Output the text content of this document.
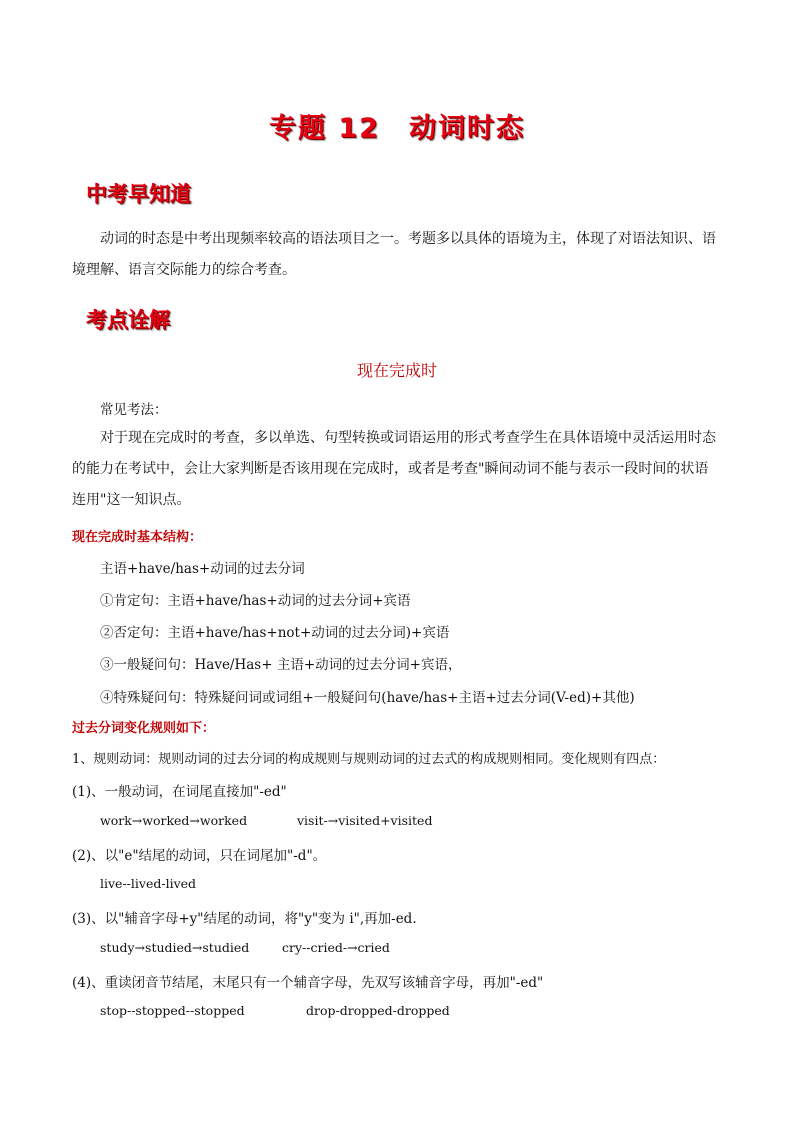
专题 12　动词时态
中考早知道
动词的时态是中考出现频率较高的语法项目之一。考题多以具体的语境为主，体现了对语法知识、语境理解、语言交际能力的综合考查。
考点诠解
现在完成时
常见考法：
对于现在完成时的考查，多以单选、句型转换或词语运用的形式考查学生在具体语境中灵活运用时态的能力在考试中，会让大家判断是否该用现在完成时，或者是考查"瞬间动词不能与表示一段时间的状语连用"这一知识点。
现在完成时基本结构：
主语+have/has+动词的过去分词
①肯定句：主语+have/has+动词的过去分词+宾语
②否定句：主语+have/has+not+动词的过去分词)+宾语
③一般疑问句：Have/Has+ 主语+动词的过去分词+宾语，
④特殊疑问句：特殊疑问词或词组+一般疑问句(have/has+主语+过去分词(V-ed)+其他)
过去分词变化规则如下：
1、规则动词：规则动词的过去分词的构成规则与规则动词的过去式的构成规则相同。变化规则有四点：
(1)、一般动词，在词尾直接加"-ed"
work→worked→worked	visit-→visited+visited
(2)、以"e"结尾的动词，只在词尾加"-d"。
live--lived-lived
(3)、以"辅音字母+y"结尾的动词，将"y"变为 i",再加-ed.
study→studied→studied	cry--cried-→cried
(4)、重读闭音节结尾，末尾只有一个辅音字母，先双写该辅音字母，再加"-ed"
stop--stopped--stopped	drop-dropped-dropped
